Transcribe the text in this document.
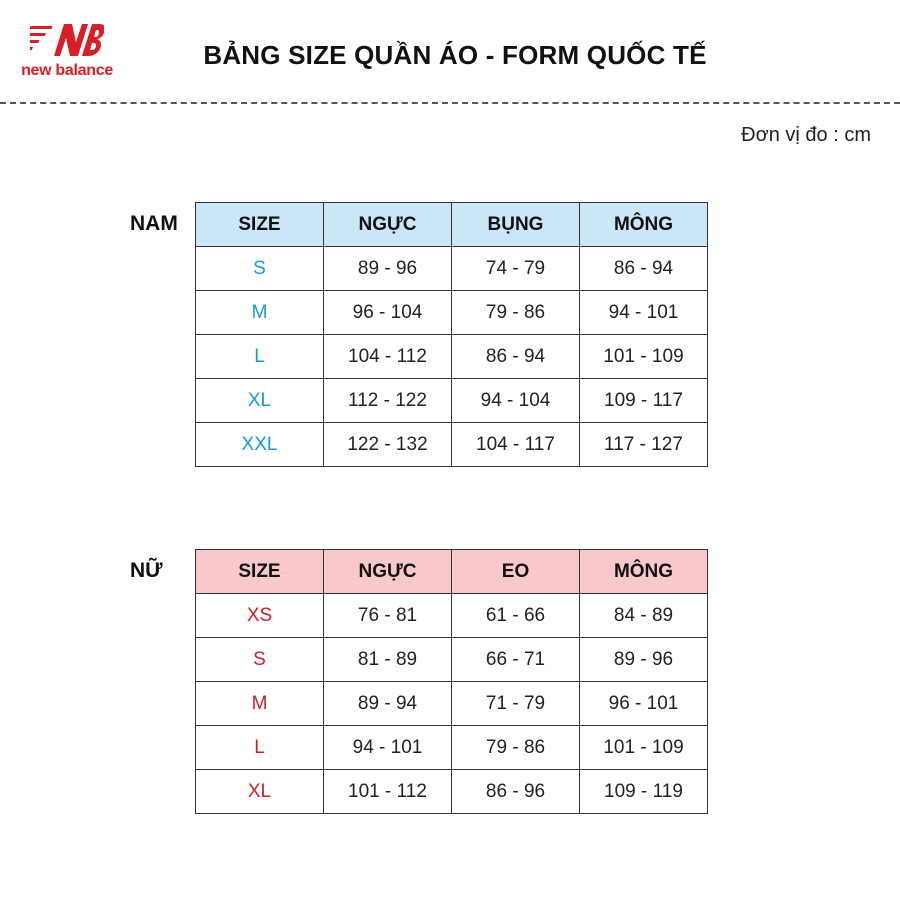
new balance
BẢNG SIZE QUẦN ÁO - FORM QUỐC TẾ
Đơn vị đo : cm
NAM	SIZE	NGỰC	BỤNG	MÔNG
S	89 - 96	74 - 79	86 - 94
M	96 - 104	79 - 86	94 - 101
L	104 - 112	86 - 94	101 - 109
XL	112 - 122	94 - 104	109 - 117
XXL	122 - 132	104 - 117	117 - 127
NỮ	SIZE	NGỰC	EO	MÔNG
XS	76 - 81	61 - 66	84 - 89
S	81 - 89	66 - 71	89 - 96
M	89 - 94	71 - 79	96 - 101
L	94 - 101	79 - 86	101 - 109
XL	101 - 112	86 - 96	109 - 119
